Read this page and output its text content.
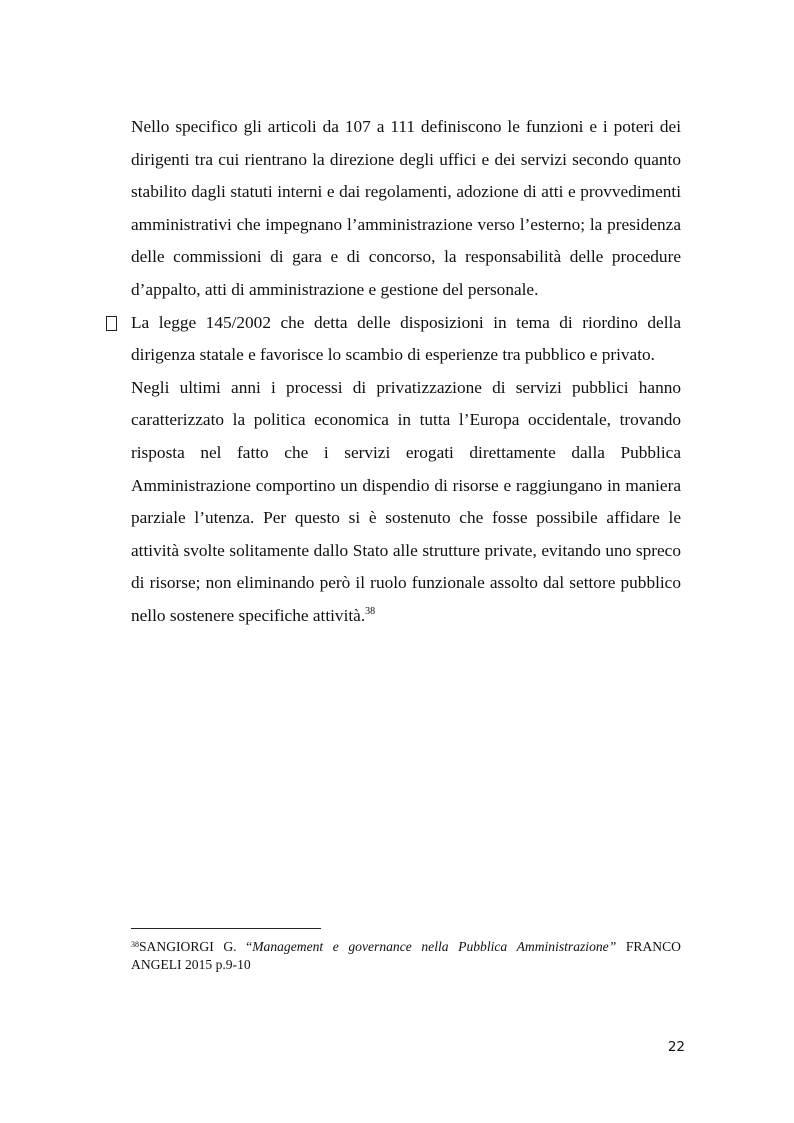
Nello specifico gli articoli da 107 a 111 definiscono le funzioni e i poteri dei dirigenti tra cui rientrano la direzione degli uffici e dei servizi secondo quanto stabilito dagli statuti interni e dai regolamenti, adozione di atti e provvedimenti amministrativi che impegnano l’amministrazione verso l’esterno; la presidenza delle commissioni di gara e di concorso, la responsabilità delle procedure d’appalto, atti di amministrazione e gestione del personale.

La legge 145/2002 che detta delle disposizioni in tema di riordino della dirigenza statale e favorisce lo scambio di esperienze tra pubblico e privato.

Negli ultimi anni i processi di privatizzazione di servizi pubblici hanno caratterizzato la politica economica in tutta l’Europa occidentale, trovando risposta nel fatto che i servizi erogati direttamente dalla Pubblica Amministrazione comportino un dispendio di risorse e raggiungano in maniera parziale l’utenza. Per questo si è sostenuto che fosse possibile affidare le attività svolte solitamente dallo Stato alle strutture private, evitando uno spreco di risorse; non eliminando però il ruolo funzionale assolto dal settore pubblico nello sostenere specifiche attività.$^{38}$

$^{38}$SANGIORGI G. “Management e governance nella Pubblica Amministrazione” FRANCO ANGELI 2015 p.9-10
22
